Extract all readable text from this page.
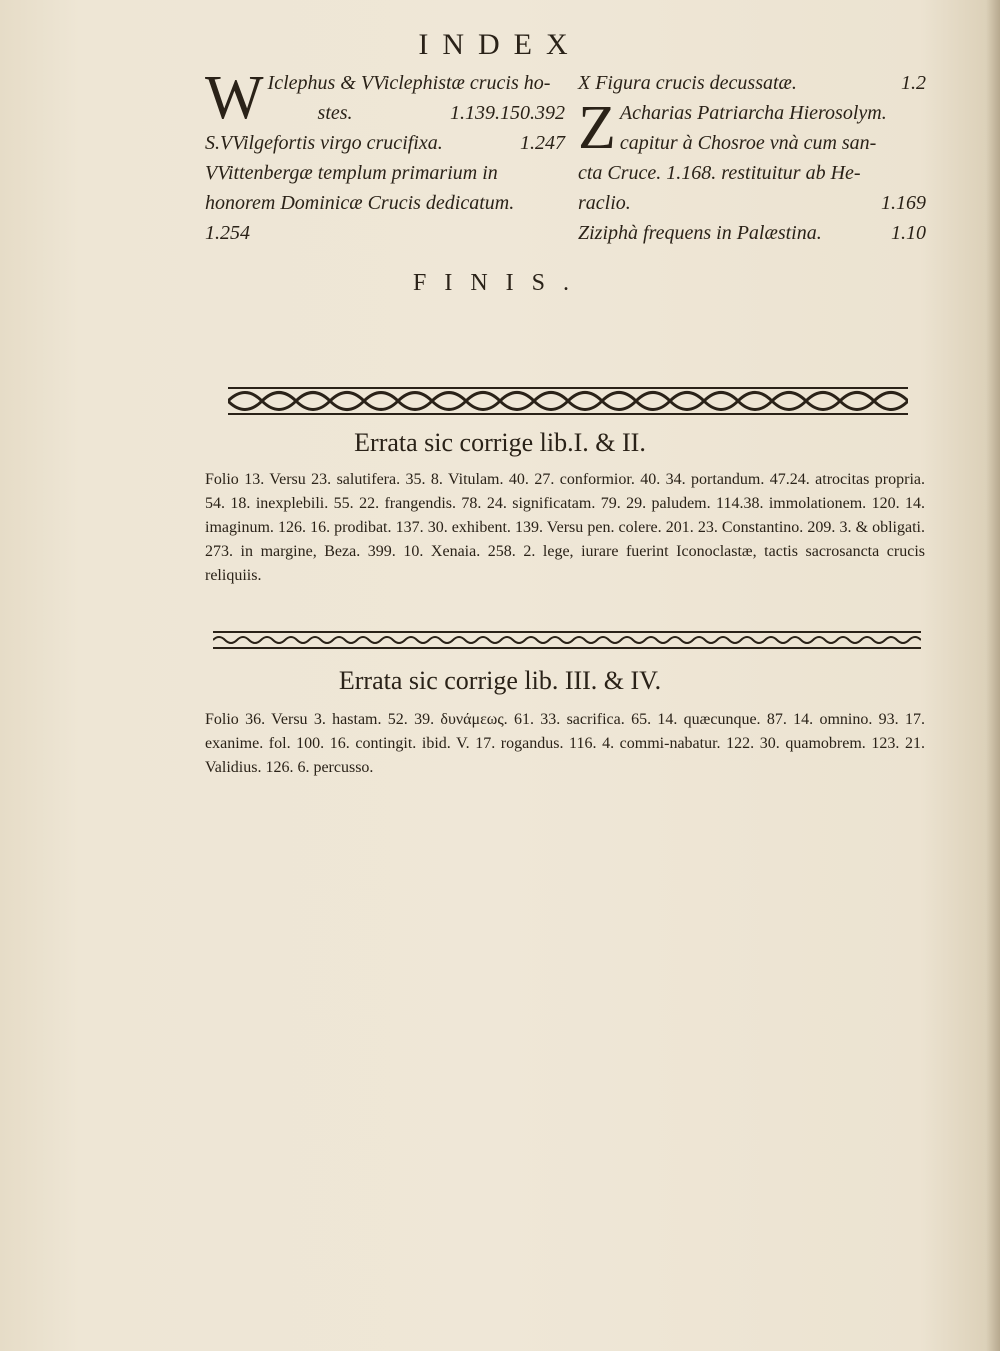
INDEX
W Iclephus & VViclephistæ crucis ho-
stes.	1.139.150.392
S.VVilgefortis virgo crucifixa.	1.247
VVittenbergæ templum primarium in
honorem Dominicæ Crucis dedicatum.
1.254
X Figura crucis decussatæ.	1.2
Z Acharias Patriarcha Hierosolym.
capitur à Chosroe vnà cum san-
cta Cruce. 1.168. restituitur ab He-
raclio.	1.169
Ziziphà frequens in Palæstina.	1.10
FINIS.
Errata sic corrige lib.I. & II.
Folio 13. Versu 23. salutifera. 35. 8. Vitulam. 40. 27. conformior. 40. 34. portandum. 47.24. atrocitas propria. 54. 18. inexplebili. 55. 22. frangendis. 78. 24. significatam. 79. 29. paludem. 114.38. immolationem. 120. 14. imaginum. 126. 16. prodibat. 137. 30. exhibent. 139. Versu pen. colere. 201. 23. Constantino. 209. 3. & obligati. 273. in margine, Beza. 399. 10. Xenaia. 258. 2. lege, iurare fuerint Iconoclastæ, tactis sacrosancta crucis reliquiis.
Errata sic corrige lib. III. & IV.
Folio 36. Versu 3. hastam. 52. 39. δυνάμεως. 61. 33. sacrifica. 65. 14. quæcunque. 87. 14. omnino. 93. 17. exanime. fol. 100. 16. contingit. ibid. V. 17. rogandus. 116. 4. commi-nabatur. 122. 30. quamobrem. 123. 21. Validius. 126. 6. percusso.
